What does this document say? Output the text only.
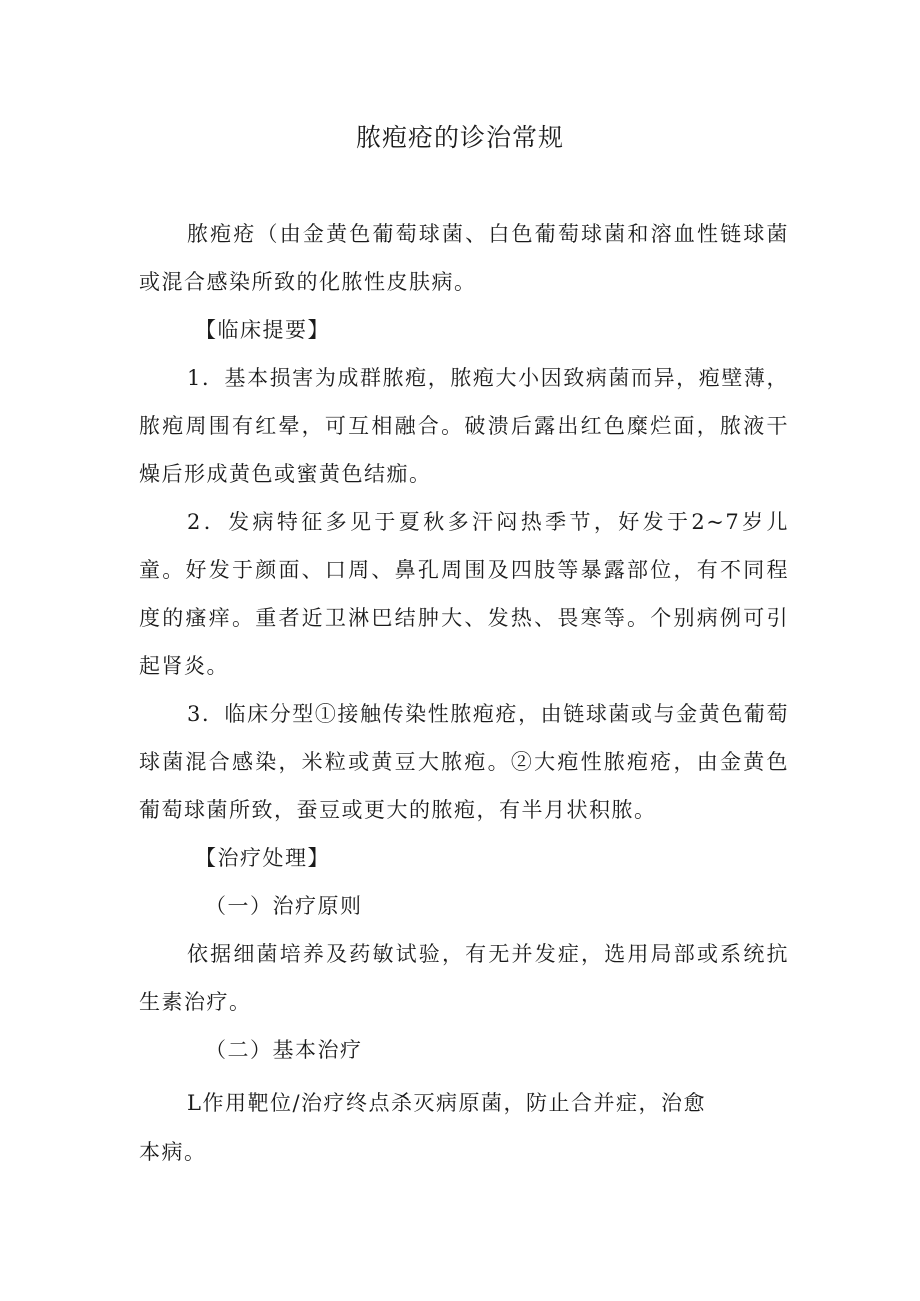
脓疱疮的诊治常规

脓疱疮（由金黄色葡萄球菌、白色葡萄球菌和溶血性链球菌或混合感染所致的化脓性皮肤病。

【临床提要】

1．基本损害为成群脓疱，脓疱大小因致病菌而异，疱壁薄，脓疱周围有红晕，可互相融合。破溃后露出红色糜烂面，脓液干燥后形成黄色或蜜黄色结痂。

2．发病特征多见于夏秋多汗闷热季节，好发于2~7岁儿童。好发于颜面、口周、鼻孔周围及四肢等暴露部位，有不同程度的瘙痒。重者近卫淋巴结肿大、发热、畏寒等。个别病例可引起肾炎。

3．临床分型①接触传染性脓疱疮，由链球菌或与金黄色葡萄球菌混合感染，米粒或黄豆大脓疱。②大疱性脓疱疮，由金黄色葡萄球菌所致，蚕豆或更大的脓疱，有半月状积脓。

【治疗处理】

（一）治疗原则

依据细菌培养及药敏试验，有无并发症，选用局部或系统抗生素治疗。

（二）基本治疗

L作用靶位/治疗终点杀灭病原菌，防止合并症，治愈

本病。
